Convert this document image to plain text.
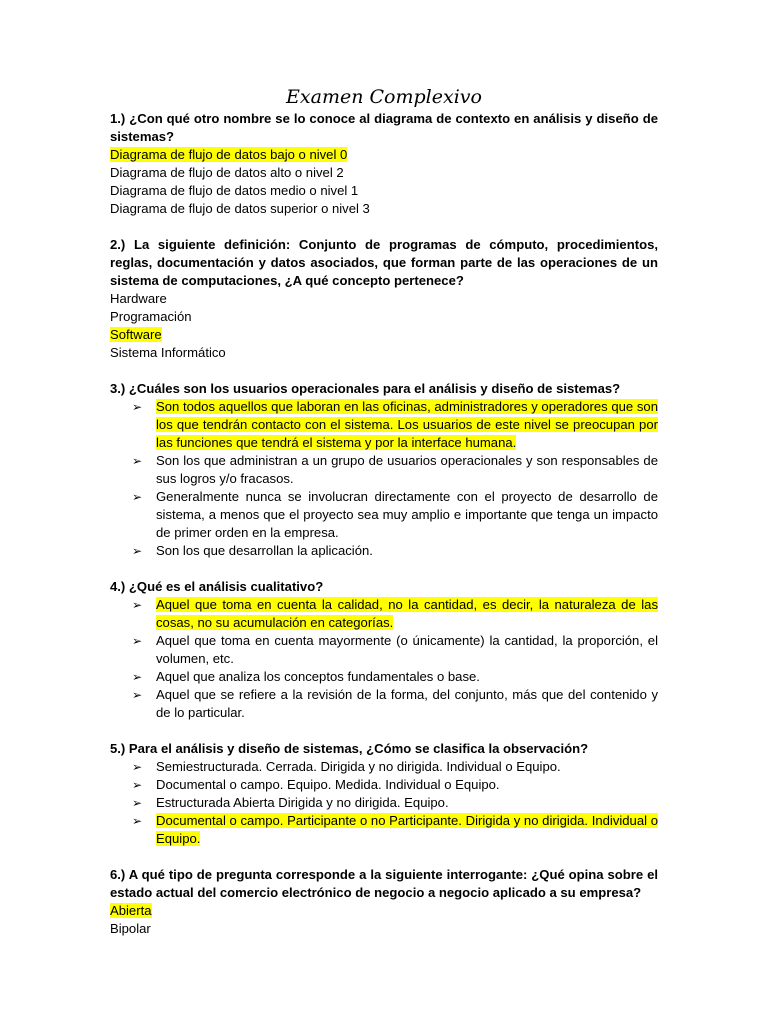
Examen Complexivo
1.) ¿Con qué otro nombre se lo conoce al diagrama de contexto en análisis y diseño de sistemas?
Diagrama de flujo de datos bajo o nivel 0
Diagrama de flujo de datos alto o nivel 2
Diagrama de flujo de datos medio o nivel 1
Diagrama de flujo de datos superior o nivel 3
2.) La siguiente definición: Conjunto de programas de cómputo, procedimientos, reglas, documentación y datos asociados, que forman parte de las operaciones de un sistema de computaciones, ¿A qué concepto pertenece?
Hardware
Programación
Software
Sistema Informático
3.) ¿Cuáles son los usuarios operacionales para el análisis y diseño de sistemas?
➢	Son todos aquellos que laboran en las oficinas, administradores y operadores que son los que tendrán contacto con el sistema. Los usuarios de este nivel se preocupan por las funciones que tendrá el sistema y por la interface humana.
➢	Son los que administran a un grupo de usuarios operacionales y son responsables de sus logros y/o fracasos.
➢	Generalmente nunca se involucran directamente con el proyecto de desarrollo de sistema, a menos que el proyecto sea muy amplio e importante que tenga un impacto de primer orden en la empresa.
➢	Son los que desarrollan la aplicación.
4.) ¿Qué es el análisis cualitativo?
➢	Aquel que toma en cuenta la calidad, no la cantidad, es decir, la naturaleza de las cosas, no su acumulación en categorías.
➢	Aquel que toma en cuenta mayormente (o únicamente) la cantidad, la proporción, el volumen, etc.
➢	Aquel que analiza los conceptos fundamentales o base.
➢	Aquel que se refiere a la revisión de la forma, del conjunto, más que del contenido y de lo particular.
5.) Para el análisis y diseño de sistemas, ¿Cómo se clasifica la observación?
➢	Semiestructurada. Cerrada. Dirigida y no dirigida. Individual o Equipo.
➢	Documental o campo. Equipo. Medida. Individual o Equipo.
➢	Estructurada Abierta Dirigida y no dirigida. Equipo.
➢	Documental o campo. Participante o no Participante. Dirigida y no dirigida. Individual o Equipo.
6.) A qué tipo de pregunta corresponde a la siguiente interrogante: ¿Qué opina sobre el estado actual del comercio electrónico de negocio a negocio aplicado a su empresa?
Abierta
Bipolar
